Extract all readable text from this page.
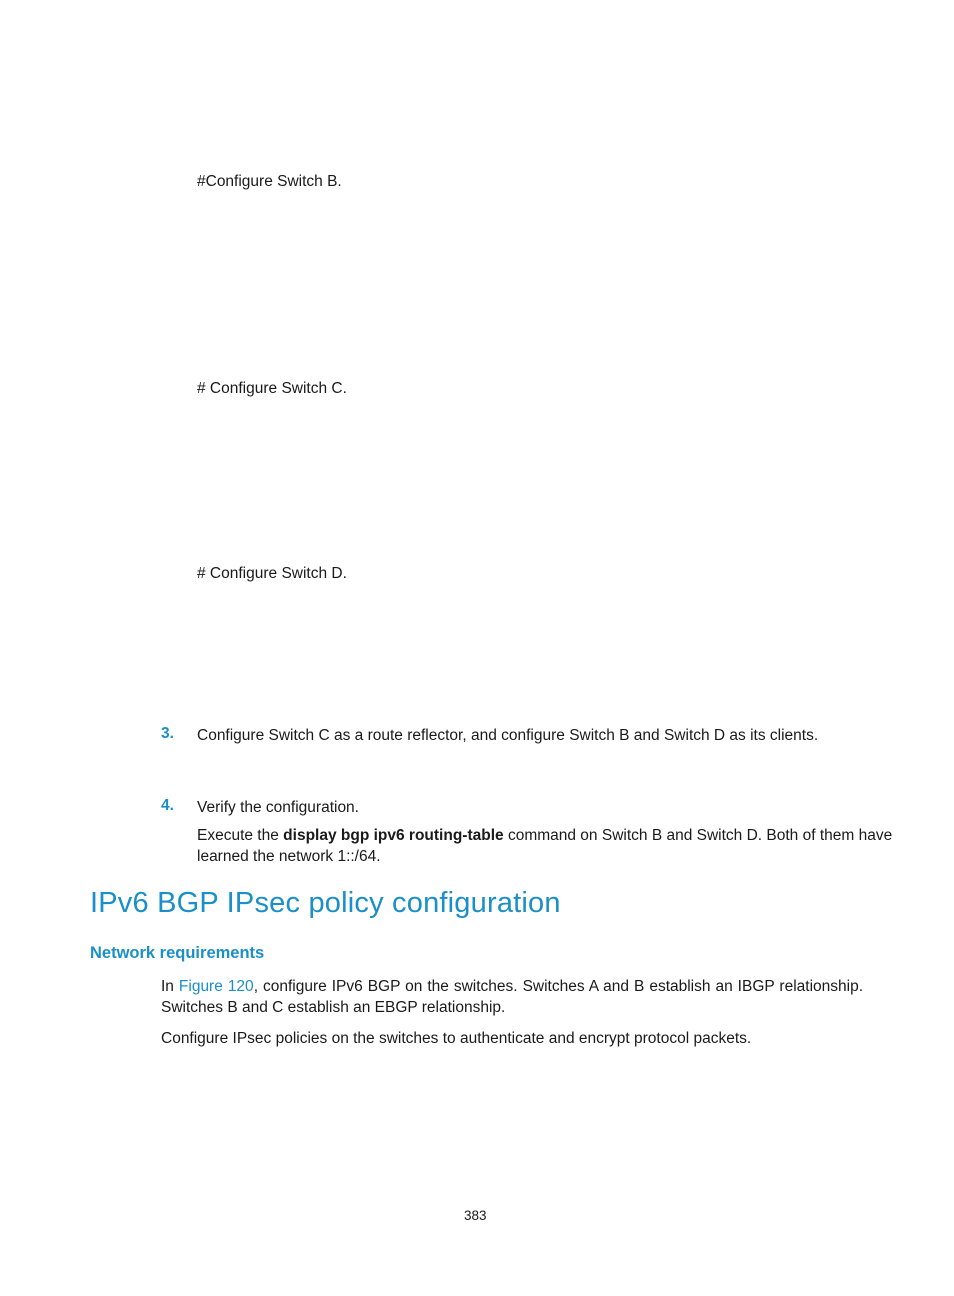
#Configure Switch B.
# Configure Switch C.
# Configure Switch D.
3. Configure Switch C as a route reflector, and configure Switch B and Switch D as its clients.
4. Verify the configuration.
Execute the display bgp ipv6 routing-table command on Switch B and Switch D. Both of them have
learned the network 1::/64.
IPv6 BGP IPsec policy configuration
Network requirements
In Figure 120, configure IPv6 BGP on the switches. Switches A and B establish an IBGP relationship. Switches B and C establish an EBGP relationship.
Configure IPsec policies on the switches to authenticate and encrypt protocol packets.
383
